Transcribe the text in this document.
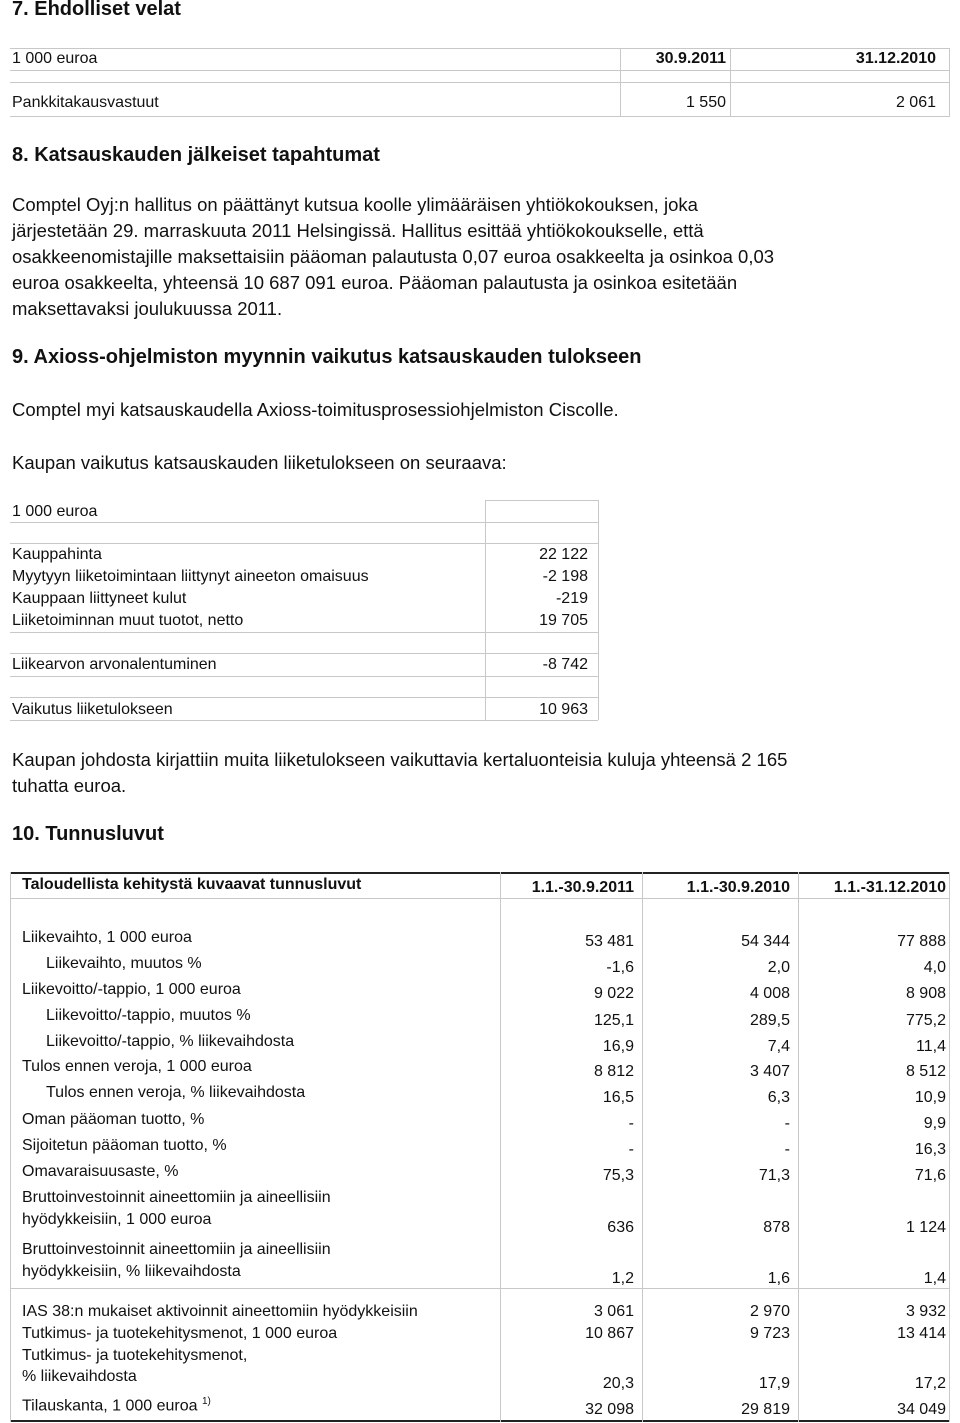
7. Ehdolliset velat
1 000 euroa	30.9.2011	31.12.2010
Pankkitakausvastuut	1 550	2 061
8. Katsauskauden jälkeiset tapahtumat
Comptel Oyj:n hallitus on päättänyt kutsua koolle ylimääräisen yhtiökokouksen, joka
järjestetään 29. marraskuuta 2011 Helsingissä. Hallitus esittää yhtiökokoukselle, että
osakkeenomistajille maksettaisiin pääoman palautusta 0,07 euroa osakkeelta ja osinkoa 0,03
euroa osakkeelta, yhteensä 10 687 091 euroa. Pääoman palautusta ja osinkoa esitetään
maksettavaksi joulukuussa 2011.
9. Axioss-ohjelmiston myynnin vaikutus katsauskauden tulokseen
Comptel myi katsauskaudella Axioss-toimitusprosessiohjelmiston Ciscolle.
Kaupan vaikutus katsauskauden liiketulokseen on seuraava:
1 000 euroa
Kauppahinta	22 122
Myytyyn liiketoimintaan liittynyt aineeton omaisuus	-2 198
Kauppaan liittyneet kulut	-219
Liiketoiminnan muut tuotot, netto	19 705
Liikearvon arvonalentuminen	-8 742
Vaikutus liiketulokseen	10 963
Kaupan johdosta kirjattiin muita liiketulokseen vaikuttavia kertaluonteisia kuluja yhteensä 2 165
tuhatta euroa.
10. Tunnusluvut
Taloudellista kehitystä kuvaavat tunnusluvut	1.1.-30.9.2011	1.1.-30.9.2010	1.1.-31.12.2010
Liikevaihto, 1 000 euroa	53 481	54 344	77 888
Liikevaihto, muutos %	-1,6	2,0	4,0
Liikevoitto/-tappio, 1 000 euroa	9 022	4 008	8 908
Liikevoitto/-tappio, muutos %	125,1	289,5	775,2
Liikevoitto/-tappio, % liikevaihdosta	16,9	7,4	11,4
Tulos ennen veroja, 1 000 euroa	8 812	3 407	8 512
Tulos ennen veroja, % liikevaihdosta	16,5	6,3	10,9
Oman pääoman tuotto, %	-	-	9,9
Sijoitetun pääoman tuotto, %	-	-	16,3
Omavaraisuusaste, %	75,3	71,3	71,6
Bruttoinvestoinnit aineettomiin ja aineellisiin
hyödykkeisiin, 1 000 euroa	636	878	1 124
Bruttoinvestoinnit aineettomiin ja aineellisiin
hyödykkeisiin, % liikevaihdosta	1,2	1,6	1,4
IAS 38:n mukaiset aktivoinnit aineettomiin hyödykkeisiin	3 061	2 970	3 932
Tutkimus- ja tuotekehitysmenot, 1 000 euroa	10 867	9 723	13 414
Tutkimus- ja tuotekehitysmenot,
% liikevaihdosta	20,3	17,9	17,2
Tilauskanta, 1 000 euroa $^{1)}$	32 098	29 819	34 049
